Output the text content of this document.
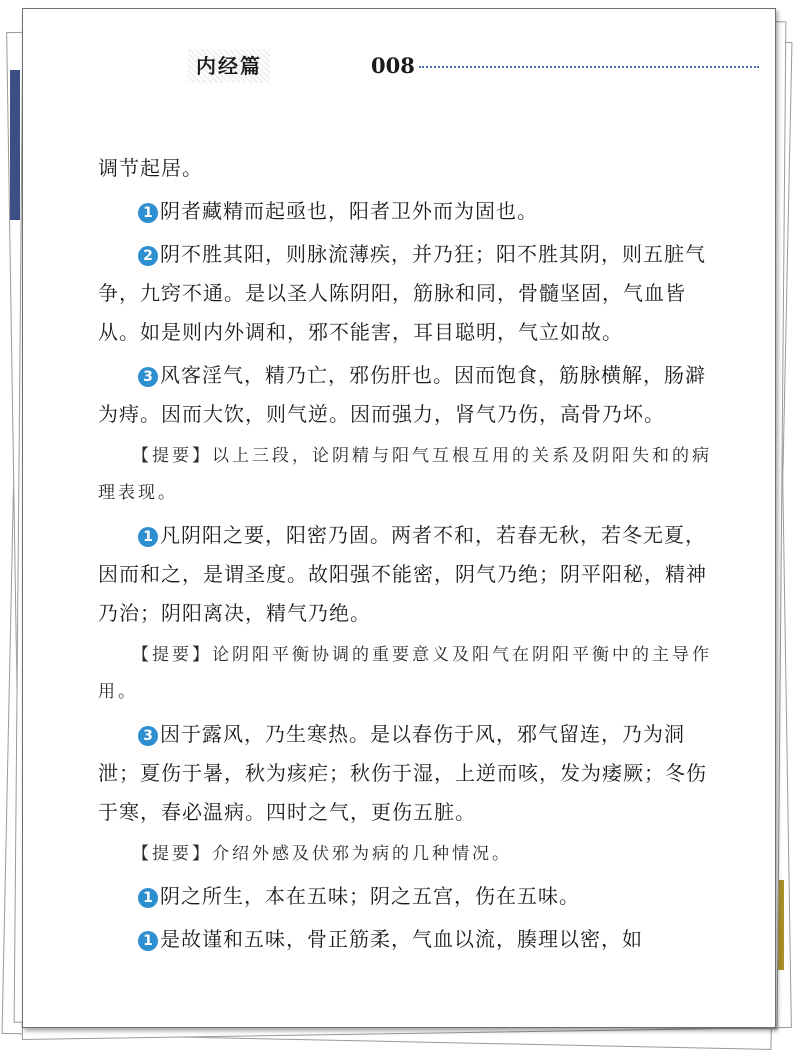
内经篇	008

调节起居。

1 阴者藏精而起亟也，阳者卫外而为固也。

2 阴不胜其阳，则脉流薄疾，并乃狂；阳不胜其阴，则五脏气争，九窍不通。是以圣人陈阴阳，筋脉和同，骨髓坚固，气血皆从。如是则内外调和，邪不能害，耳目聪明，气立如故。

3 风客淫气，精乃亡，邪伤肝也。因而饱食，筋脉横解，肠澼为痔。因而大饮，则气逆。因而强力，肾气乃伤，高骨乃坏。

【提要】以上三段，论阴精与阳气互根互用的关系及阴阳失和的病理表现。

1 凡阴阳之要，阳密乃固。两者不和，若春无秋，若冬无夏，因而和之，是谓圣度。故阳强不能密，阴气乃绝；阴平阳秘，精神乃治；阴阳离决，精气乃绝。

【提要】论阴阳平衡协调的重要意义及阳气在阴阳平衡中的主导作用。

3 因于露风，乃生寒热。是以春伤于风，邪气留连，乃为洞泄；夏伤于暑，秋为痎疟；秋伤于湿，上逆而咳，发为痿厥；冬伤于寒，春必温病。四时之气，更伤五脏。

【提要】介绍外感及伏邪为病的几种情况。

1 阴之所生，本在五味；阴之五宫，伤在五味。

1 是故谨和五味，骨正筋柔，气血以流，腠理以密，如
